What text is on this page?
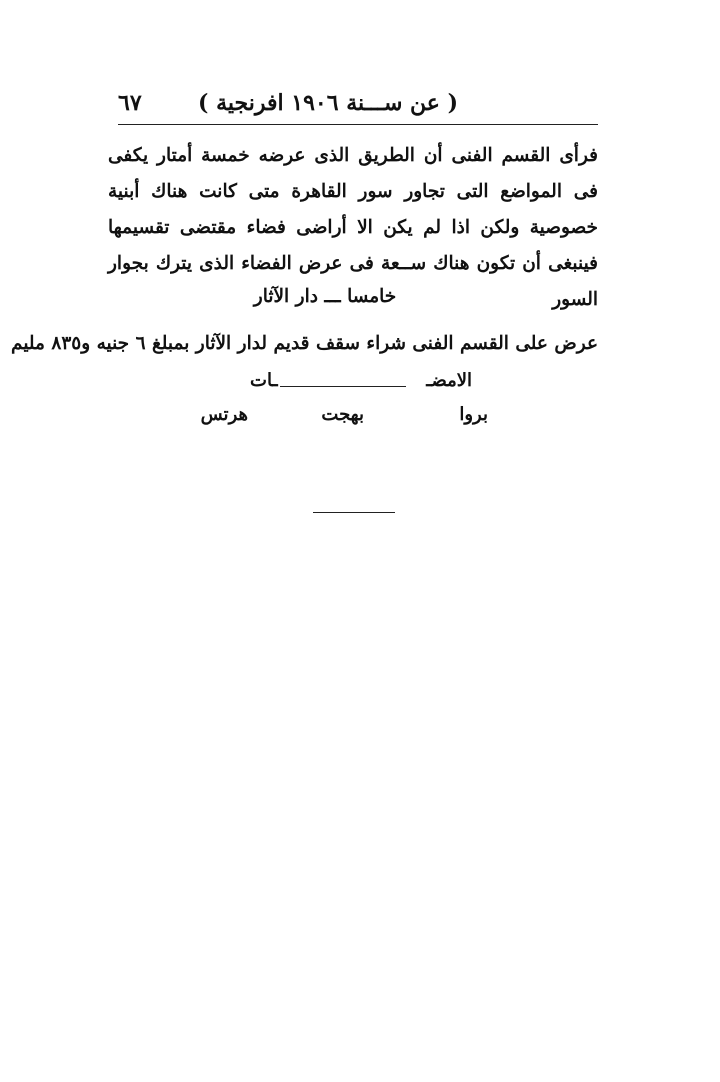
( عن ســـنة ١٩٠٦ افرنجية )
٦٧
فرأى القسم الفنى أن الطريق الذى عرضه خمسة أمتار يكفى فى المواضع التى تجاور سور القاهرة متى كانت هناك أبنية خصوصية ولكن اذا لم يكن الا أراضى فضاء مقتضى تقسيمها فينبغى أن تكون هناك ســعة فى عرض الفضاء الذى يترك بجوار السور
خامسا ـــ دار الآثار
عرض على القسم الفنى شراء سقف قديم لدار الآثار بمبلغ ٦ جنيه و٨٣٥ مليم
الامضـ
ـات
بروا
بهجت
هرتس
